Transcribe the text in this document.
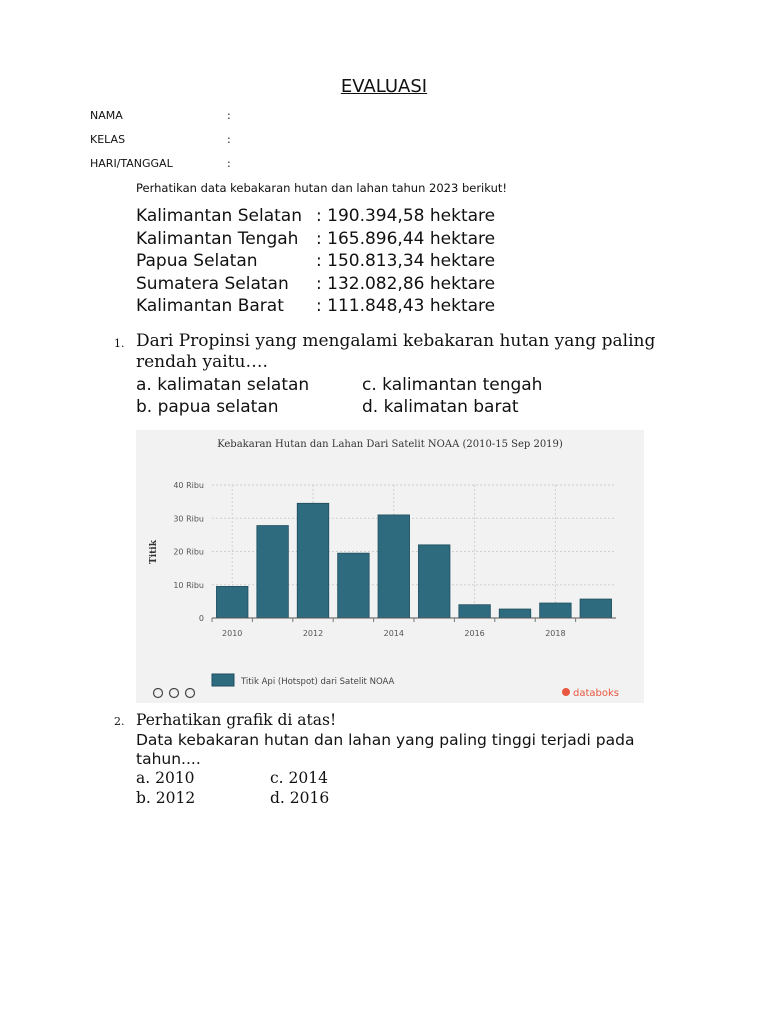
EVALUASI
NAMA	:
KELAS	:
HARI/TANGGAL	:
Perhatikan data kebakaran hutan dan lahan tahun 2023 berikut!
Kalimantan Selatan : 190.394,58 hektare
Kalimantan Tengah	: 165.896,44 hektare
Papua Selatan	: 150.813,34 hektare
Sumatera Selatan	: 132.082,86 hektare
Kalimantan Barat	: 111.848,43 hektare
1. Dari Propinsi yang mengalami kebakaran hutan yang paling rendah yaitu….
a. kalimatan selatan	c. kalimantan tengah
b. papua selatan	d. kalimatan barat
Kebakaran Hutan dan Lahan Dari Satelit NOAA (2010-15 Sep 2019)
0
10 Ribu
20 Ribu
30 Ribu
40 Ribu
2010	2012	2014	2016	2018
Titik
Titik Api (Hotspot) dari Satelit NOAA
databoks
2. Perhatikan grafik di atas!
Data kebakaran hutan dan lahan yang paling tinggi terjadi pada tahun....
a. 2010	c. 2014
b. 2012	d. 2016
